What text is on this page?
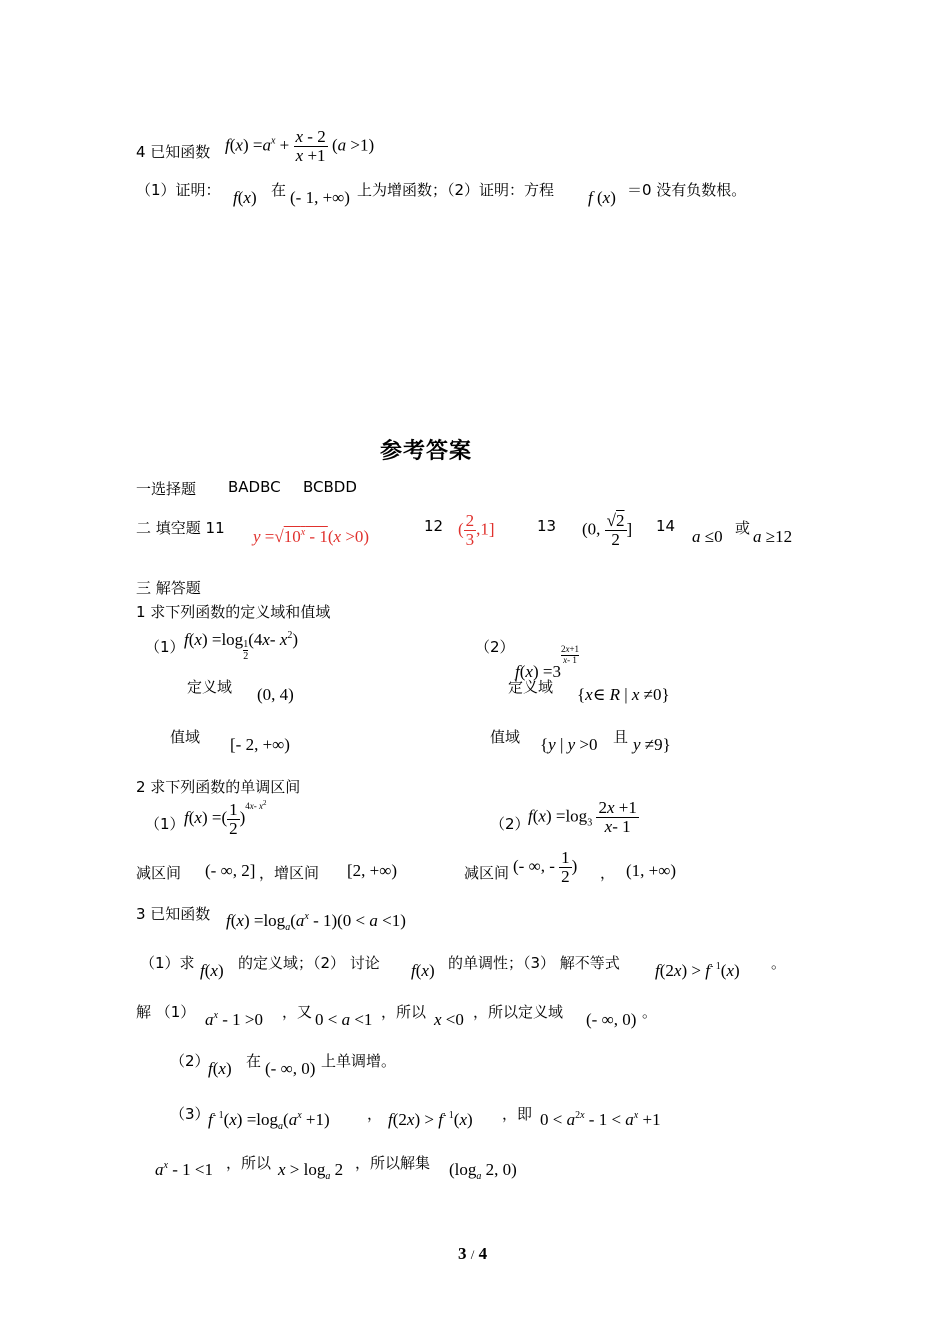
4 已知函数 $f(x) =a^x + \frac{x - 2}{x +1} (a >1)$
（1）证明： f(x) 在 (- 1, +∞) 上为增函数；（2）证明：方程 f (x) ＝0 没有负数根。
参考答案
一选择题 BADBC BCBDD
二 填空题 11 $y =√10^x - 1(x >0)$
12 ( $\frac{2}{3} ,1$]	13 (0, $\frac{√2}{2}$ ] 14
a ≤0 或 a ≥12
三 解答题
1 求下列函数的定义域和值域
（1） $f(x) =\log \frac{1}{2} (4x-$ $x^2$)	（2）
f(x) =3
$\frac{2x+1}{x- 1}$
定义域 (0, 4)	定义域 {x∈ R | x ≠0}
值域 [- 2, +∞)	值域 {y | y >0 且 y ≠9}
2 求下列函数的单调区间
（1） f(x) =( $\frac{1}{2} )^{4x- x^2}$
（2）
$f(x) =\log_3 \frac{2x +1}{x- 1}$
减区间 (- ∞, 2] ，增区间 [2, +∞)	减区间 (- ∞, - $\frac{1}{2}$ ) ， (1, +∞)
3 已知函数 $f(x) =\log_a(a^x - 1)(0 < a <1)$
（1）求 f(x) 的定义域；（2） 讨论 f(x) 的单调性；（3） 解不等式 $f(2x) > f^{- 1}(x)$ 。
解 （1） $a^x - 1 >0$ ，又 0 < a <1 ，所以 x <0 ，所以定义域 (- ∞, 0) 。
（2）
f(x) 在 (- ∞, 0) 上单调增。
（3）
$f^{- 1}(x) =\log_a(a^x +1)$ ， $f(2x) > f^{- 1}(x)$ ，即 $0 < a^{2x} - 1 < a^x +1$
$a^x - 1 <1$ ，所以 $x > \log_a 2$ ，所以解集 ($\log_a$ 2, 0)
3 / 4
